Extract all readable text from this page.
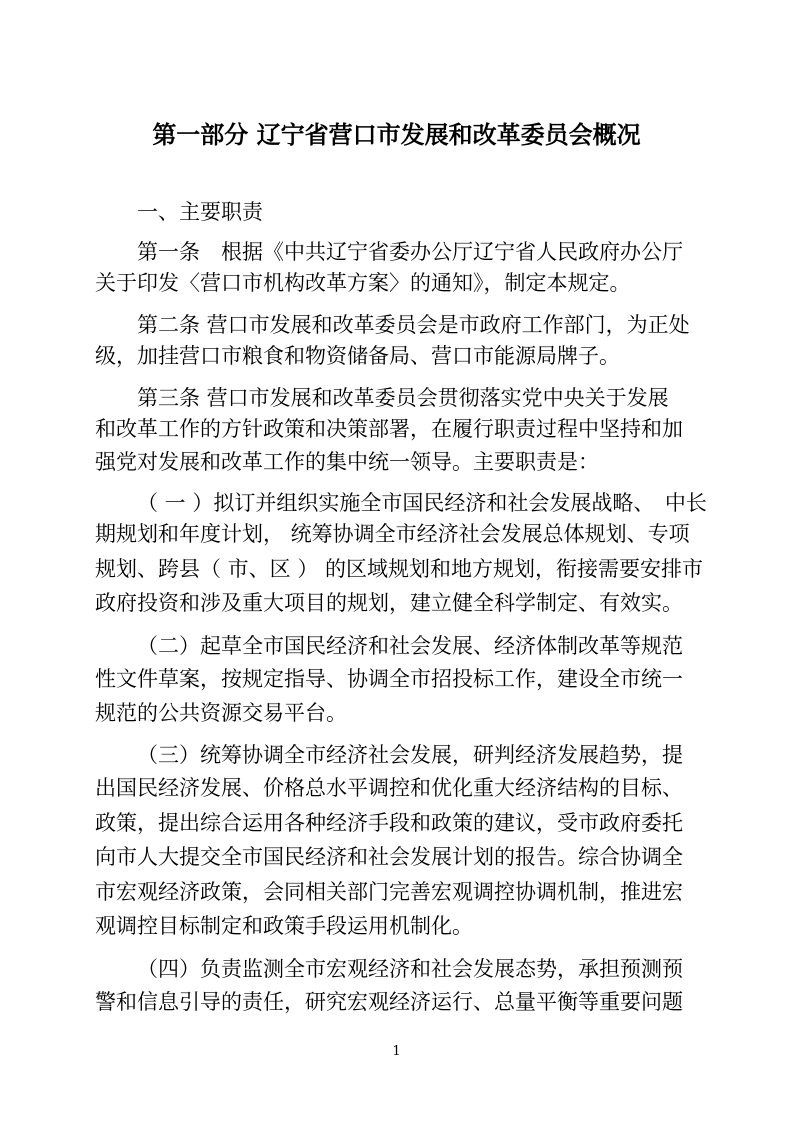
第一部分 辽宁省营口市发展和改革委员会概况
一、主要职责
第一条　根据《中共辽宁省委办公厅辽宁省人民政府办公厅
关于印发〈营口市机构改革方案〉的通知》，制定本规定。
第二条 营口市发展和改革委员会是市政府工作部门，为正处
级，加挂营口市粮食和物资储备局、营口市能源局牌子。
第三条 营口市发展和改革委员会贯彻落实党中央关于发展
和改革工作的方针政策和决策部署，在履行职责过程中坚持和加
强党对发展和改革工作的集中统一领导。主要职责是：
（ 一 ）拟订并组织实施全市国民经济和社会发展战略、　中长
期规划和年度计划， 统筹协调全市经济社会发展总体规划、专项
规划、跨县（ 市、区 ） 的区域规划和地方规划，衔接需要安排市
政府投资和涉及重大项目的规划，建立健全科学制定、有效实。
（二）起草全市国民经济和社会发展、经济体制改革等规范
性文件草案，按规定指导、协调全市招投标工作，建设全市统一
规范的公共资源交易平台。
（三）统筹协调全市经济社会发展，研判经济发展趋势，提
出国民经济发展、价格总水平调控和优化重大经济结构的目标、
政策，提出综合运用各种经济手段和政策的建议，受市政府委托
向市人大提交全市国民经济和社会发展计划的报告。综合协调全
市宏观经济政策，会同相关部门完善宏观调控协调机制，推进宏
观调控目标制定和政策手段运用机制化。
（四）负责监测全市宏观经济和社会发展态势，承担预测预
警和信息引导的责任，研究宏观经济运行、总量平衡等重要问题
1
